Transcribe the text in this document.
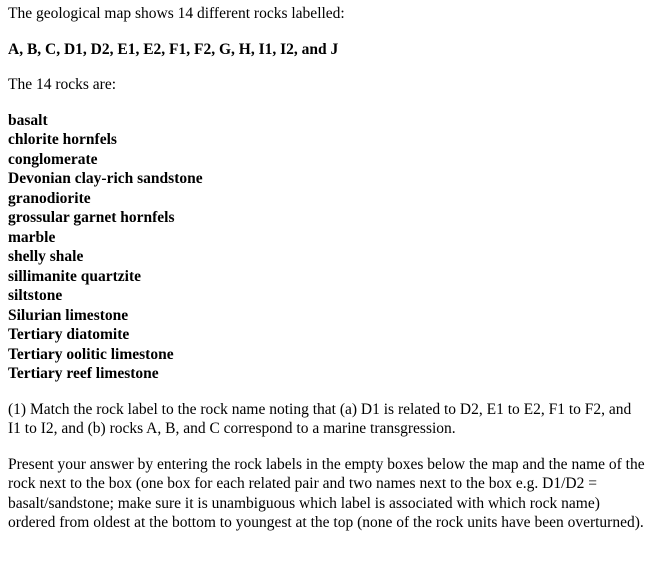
The geological map shows 14 different rocks labelled:

A, B, C, D1, D2, E1, E2, F1, F2, G, H, I1, I2, and J

The 14 rocks are:

basalt
chlorite hornfels
conglomerate
Devonian clay-rich sandstone
granodiorite
grossular garnet hornfels
marble
shelly shale
sillimanite quartzite
siltstone
Silurian limestone
Tertiary diatomite
Tertiary oolitic limestone
Tertiary reef limestone

(1) Match the rock label to the rock name noting that (a) D1 is related to D2, E1 to E2, F1 to F2, and I1 to I2, and (b) rocks A, B, and C correspond to a marine transgression.

Present your answer by entering the rock labels in the empty boxes below the map and the name of the rock next to the box (one box for each related pair and two names next to the box e.g. D1/D2 = basalt/sandstone; make sure it is unambiguous which label is associated with which rock name) ordered from oldest at the bottom to youngest at the top (none of the rock units have been overturned).
